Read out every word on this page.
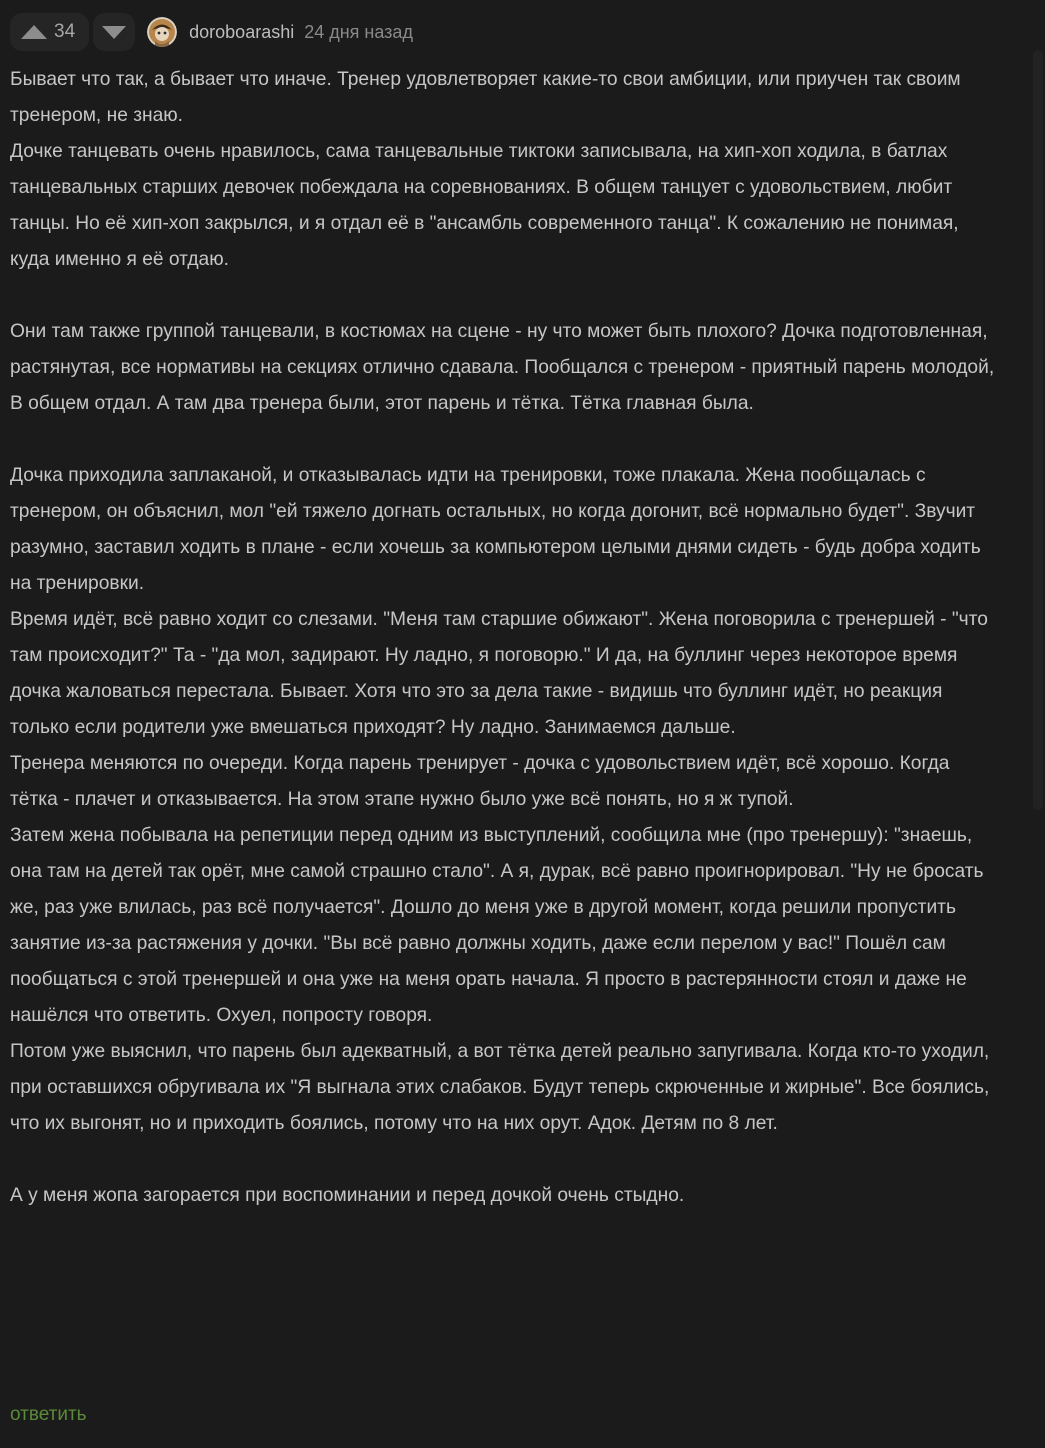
34	doroboarashi 24 дня назад

Бывает что так, а бывает что иначе. Тренер удовлетворяет какие-то свои амбиции, или приучен так своим тренером, не знаю.

Дочке танцевать очень нравилось, сама танцевальные тиктоки записывала, на хип-хоп ходила, в батлах танцевальных старших девочек побеждала на соревнованиях. В общем танцует с удовольствием, любит танцы. Но её хип-хоп закрылся, и я отдал её в "ансамбль современного танца". К сожалению не понимая, куда именно я её отдаю.

Они там также группой танцевали, в костюмах на сцене - ну что может быть плохого? Дочка подготовленная, растянутая, все нормативы на секциях отлично сдавала. Пообщался с тренером - приятный парень молодой, В общем отдал. А там два тренера были, этот парень и тётка. Тётка главная была.

Дочка приходила заплаканой, и отказывалась идти на тренировки, тоже плакала. Жена пообщалась с тренером, он объяснил, мол "ей тяжело догнать остальных, но когда догонит, всё нормально будет". Звучит разумно, заставил ходить в плане - если хочешь за компьютером целыми днями сидеть - будь добра ходить на тренировки.

Время идёт, всё равно ходит со слезами. "Меня там старшие обижают". Жена поговорила с тренершей - "что там происходит?" Та - "да мол, задирают. Ну ладно, я поговорю." И да, на буллинг через некоторое время дочка жаловаться перестала. Бывает. Хотя что это за дела такие - видишь что буллинг идёт, но реакция только если родители уже вмешаться приходят? Ну ладно. Занимаемся дальше.

Тренера меняются по очереди. Когда парень тренирует - дочка с удовольствием идёт, всё хорошо. Когда тётка - плачет и отказывается. На этом этапе нужно было уже всё понять, но я ж тупой.

Затем жена побывала на репетиции перед одним из выступлений, сообщила мне (про тренершу): "знаешь, она там на детей так орёт, мне самой страшно стало". А я, дурак, всё равно проигнорировал. "Ну не бросать же, раз уже влилась, раз всё получается". Дошло до меня уже в другой момент, когда решили пропустить занятие из-за растяжения у дочки. "Вы всё равно должны ходить, даже если перелом у вас!" Пошёл сам пообщаться с этой тренершей и она уже на меня орать начала. Я просто в растерянности стоял и даже не нашёлся что ответить. Охуел, попросту говоря.

Потом уже выяснил, что парень был адекватный, а вот тётка детей реально запугивала. Когда кто-то уходил, при оставшихся обругивала их "Я выгнала этих слабаков. Будут теперь скрюченные и жирные". Все боялись, что их выгонят, но и приходить боялись, потому что на них орут. Адок. Детям по 8 лет.

А у меня жопа загорается при воспоминании и перед дочкой очень стыдно.

ответить
